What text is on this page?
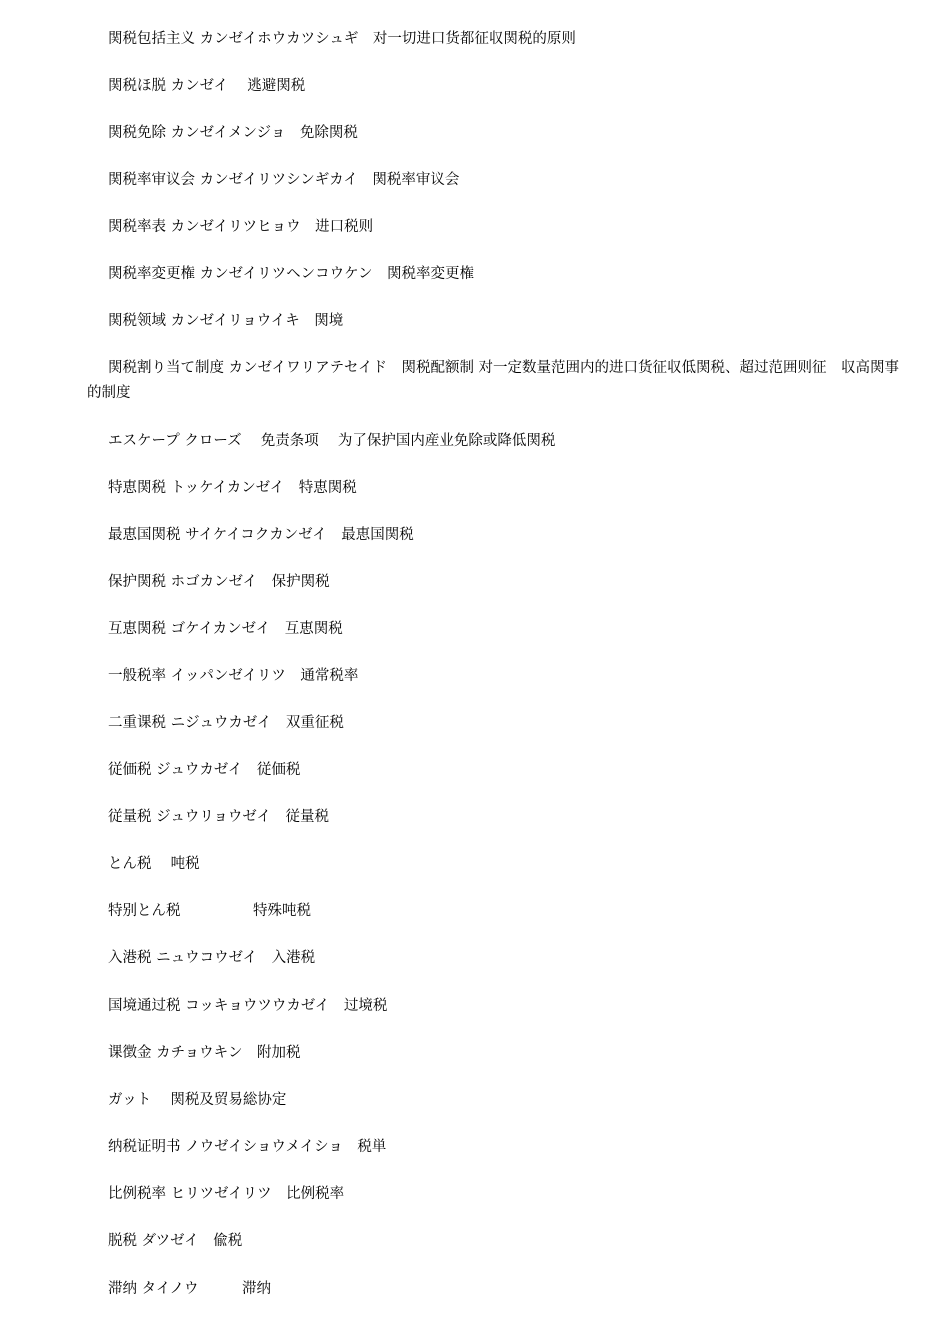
関税包括主义 カンゼイホウカツシュギ　对一切进口货都征収関税的原则
関税ほ脱 カンゼイ　 逃避関税
関税免除 カンゼイメンジョ　免除関税
関税率审议会 カンゼイリツシンギカイ　関税率审议会
関税率表 カンゼイリツヒョウ　进口税则
関税率変更権 カンゼイリツヘンコウケン　関税率変更権
関税领域 カンゼイリョウイキ　関境
関税割り当て制度 カンゼイワリアテセイド　関税配额制 对一定数量范囲内的进口货征収低関税、超过范囲则征　収高関事的制度
エスケープ クローズ　 免责条项　 为了保护国内産业免除或降低関税
特恵関税 トッケイカンゼイ　特恵関税
最恵国関税 サイケイコクカンゼイ　最恵国関税
保护関税 ホゴカンゼイ　保护関税
互恵関税 ゴケイカンゼイ　互恵関税
一般税率 イッパンゼイリツ　通常税率
二重课税 ニジュウカゼイ　双重征税
従価税 ジュウカゼイ　従価税
従量税 ジュウリョウゼイ　従量税
とん税　 吨税
特别とん税　　　　　特殊吨税
入港税 ニュウコウゼイ　入港税
国境通过税 コッキョウツウカゼイ　过境税
课徴金 カチョウキン　附加税
ガット　 関税及贸易総协定
纳税证明书 ノウゼイショウメイショ　税単
比例税率 ヒリツゼイリツ　比例税率
脱税 ダツゼイ　偸税
滞纳 タイノウ　　　滞纳
